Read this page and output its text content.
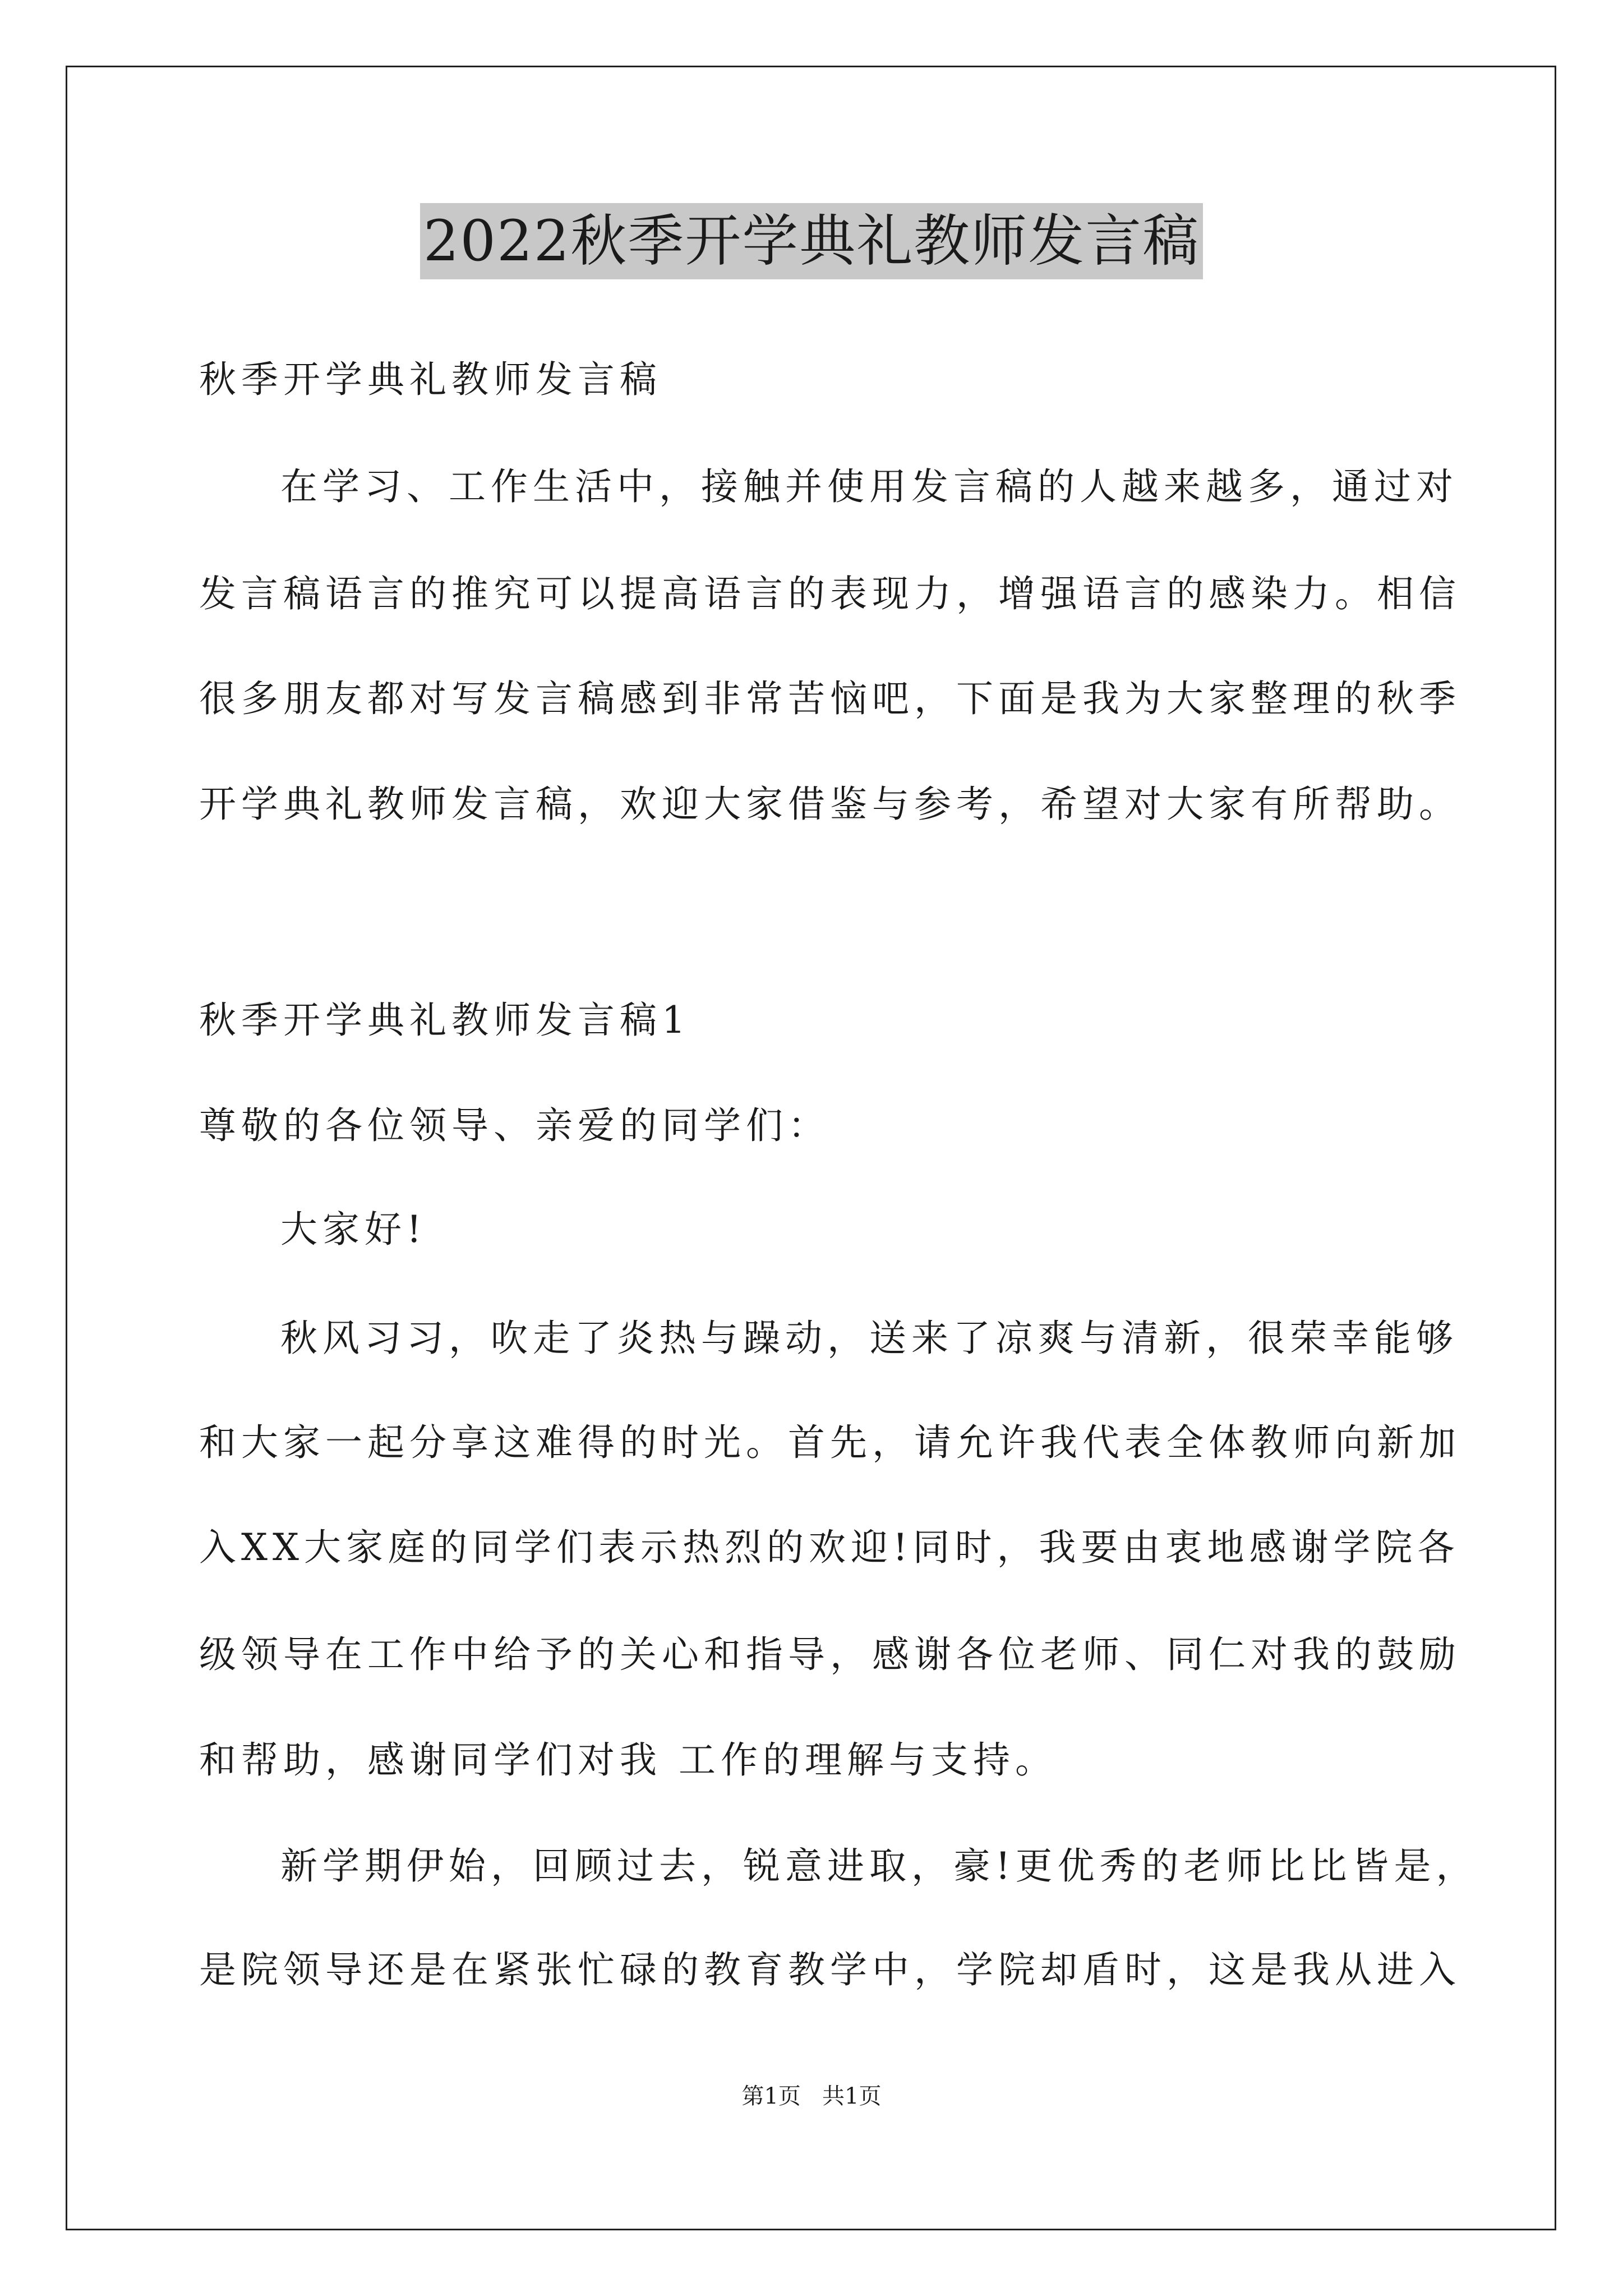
2022秋季开学典礼教师发言稿
秋季开学典礼教师发言稿
在学习、工作生活中，接触并使用发言稿的人越来越多，通过对
发言稿语言的推究可以提高语言的表现力，增强语言的感染力。相信
很多朋友都对写发言稿感到非常苦恼吧，下面是我为大家整理的秋季
开学典礼教师发言稿，欢迎大家借鉴与参考，希望对大家有所帮助。
秋季开学典礼教师发言稿1
尊敬的各位领导、亲爱的同学们：
大家好!
秋风习习，吹走了炎热与躁动，送来了凉爽与清新，很荣幸能够
和大家一起分享这难得的时光。首先，请允许我代表全体教师向新加
入XX大家庭的同学们表示热烈的欢迎!同时，我要由衷地感谢学院各
级领导在工作中给予的关心和指导，感谢各位老师、同仁对我的鼓励
和帮助，感谢同学们对我 工作的理解与支持。
新学期伊始，回顾过去，锐意进取，豪!更优秀的老师比比皆是，
是院领导还是在紧张忙碌的教育教学中，学院却盾时，这是我从进入
第1页   共1页
